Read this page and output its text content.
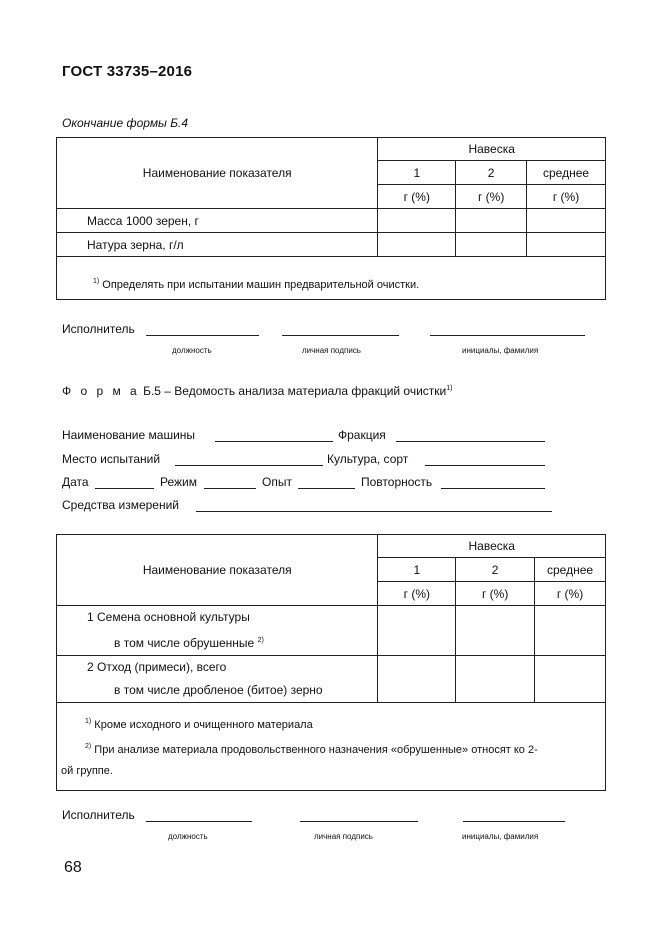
ГОСТ 33735–2016
Окончание формы Б.4
Наименование показателя	Навеска		
	1	2	среднее
	г (%)	г (%)	г (%)
Масса 1000 зерен, г			
Натура зерна, г/л			
$^{1)}$ Определять при испытании машин предварительной очистки.			
Исполнитель
должность	личная подпись	инициалы, фамилия
Ф о р м а Б.5 – Ведомость анализа материала фракций очистки$^{1)}$
Наименование машины	Фракция
Место испытаний	Культура, сорт
Дата	Режим	Опыт	Повторность
Средства измерений
Наименование показателя	Навеска		
	1	2	среднее
	г (%)	г (%)	г (%)

1 Семена основной культуры
в том числе обрушенные $^{2)}$

2 Отход (примеси), всего
в том числе дробленое (битое) зерно			

$^{1)}$ Кроме исходного и очищенного материала
$^{2)}$ При анализе материала продовольственного назначения «обрушенные» относят ко 2-
ой группе.			
Исполнитель
должность	личная подпись	инициалы, фамилия
68
